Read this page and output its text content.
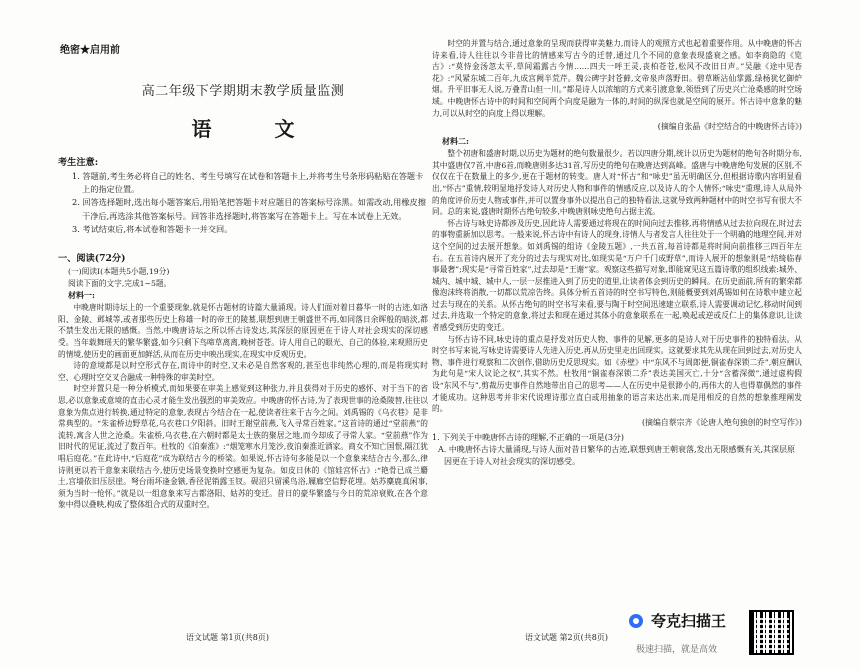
绝密★启用前
高二年级下学期期末教学质量监测
语 文
考生注意:

1. 答题前,考生务必将自己的姓名、考生号填写在试卷和答题卡上,并将考生号条形码粘贴在答题卡上的指定位置。

2. 回答选择题时,选出每小题答案后,用铅笔把答题卡对应题目的答案标号涂黑。如需改动,用橡皮擦干净后,再选涂其他答案标号。回答非选择题时,将答案写在答题卡上。写在本试卷上无效。

3. 考试结束后,将本试卷和答题卡一并交回。

一、阅读(72分)

(一)阅读Ⅰ(本题共5小题,19分)

阅读下面的文字,完成1~5题。

材料一:

中晚唐时期诗坛上的一个重要现象,就是怀古题材的诗篇大量涌现。诗人们面对着日暮华一时的古迹,如洛阳、金陵、邺城等,或者那些历史上称雄一时的帝王的陵墓,联想到唐王朝盛世不再,如同落日余晖般的暗淡,都不禁生发出无限的感慨。当然,中晚唐诗坛之所以怀古诗发达,其深层的原因更在于诗人对社会现实的深切感受。当年载舞瑶天的繁华繁盛,如今只剩下鸟啼草离离,晚树苍苍。诗人用自己的眼光、自己的体验,来观照历史的情境,使历史的画面更加鲜活,从而在历史中映出现实,在现实中反观历史。

诗的意境都是以时空形式存在,而诗中的时空,又未必是自然客观的,甚至也非纯然心理的,而是将现实时空、心理时空交叉合融成一种特殊的审美时空。

时空并置只是一种分析模式,而如果要在审美上感觉到这种张力,并且获得对于历史的感怀、对于当下的省思,必以意象或意境的直击心灵才能生发出强烈的审美效应。中晚唐的怀古诗,为了表现世事的沧桑陵替,往往以意象为焦点进行转换,通过特定的意象,表现古今结合在一起,使读者往来于古今之间。刘禹锡的《乌衣巷》是非常典型的。“朱雀桥边野草花,乌衣巷口夕阳斜。旧时王谢堂前燕,飞入寻常百姓家。”这首诗的通过“堂前燕”的流转,寓含人世之沧桑。朱雀桥,乌衣巷,在六朝时都是太士族的聚居之地,而今却成了寻常人家。“堂前燕”作为旧时代的见证,流过了数百年。杜牧的《泊秦淮》:“烟笼寒水月笼沙,夜泊秦淮近酒家。商女不知亡国恨,隔江犹唱后庭花。”在此诗中,“后庭花”成为联结古今的桥梁。如果说,怀古诗句多能是以一个意象来结合古今,那么,律诗则更以若干意象来联结古今,使历史场景变换时空感更为复杂。如皮日休的《馆娃宫怀古》:“艳骨已成兰麝土,宫墙依旧压层崖。弩台雨坏逢金镞,香径泥销露玉钗。砚沼只留溪鸟浴,屧廊空信野花埋。姑苏麋鹿真闲事,须为当时一怆怀。”就是以一组意象来写古都洛阳、姑苏的变迁。昔日的豪华繁盛与今日的荒凉衰败,在各个意象中得以叠映,构成了整体组合式的双重时空。

语文试题 第1页(共8页)

时空的并置与结合,通过意象的呈现而获得审美魅力,而诗人的观照方式也起着重要作用。从中晚唐的怀古诗来看,诗人往往以今非昔比的情感来写古今的迁替,通过几个不同的意象表现盛衰之感。如李商隐的《览古》:“莫恃金汤忽太平,草间霜露古今情……四夫一呼王灵,丧柏苍苍,松风不改旧日声。”吴融《途中见杏花》:“风紧东城二百年,九成宫阙半荒芹。魏公碑字封苍藓,文帝泉声落野田。碧草断沾仙掌露,绿杨犹忆御炉烟。升平旧事无人说,万叠青山但一川。”都是诗人以浓缩的方式来引渡意象,领悟到了历史兴亡沧桑感的时空场域。中晚唐怀古诗中的时间和空间两个向度是融为一体的,时间的纵深也就是空间的展开。怀古诗中意象的魅力,可以从时空的向度上得以理解。

(摘编自张晶《时空结合的中晚唐怀古诗》)
材料二:

整个初唐和盛唐时期,以历史为题材的绝句数量很少。若以四唐分期,统计以历史为题材的绝句各时期分布,其中盛唐仅7首,中唐6首,而晚唐则多达31首,写历史的绝句在晚唐达到高峰。盛唐与中晚唐绝句发展的区别,不仅仅在于在数量上的多少,更在于题材的转变。唐人对“怀古”和“咏史”虽无明确区分,但根据诗歌内容明显看出,“怀古”重情,较明显地抒发诗人对历史人物和事件的情感反应,以及诗人的个人情怀;“咏史”重理,诗人从局外的角度评价历史人物或事件,并可以置身事外以提出自己的独特看法,这就导致两种题材中的时空书写有很大不同。总的来说,盛唐时期怀古绝句较多,中晚唐则咏史绝句占据主流。

怀古诗与咏史诗都涉及历史,因此诗人需要通过将现在的时间向过去推移,再将情感从过去拉向现在,时过去的事物重新加以思考。一般来说,怀古诗中有诗人的现身,诗情人与者发言人往往处于一个明确的地理空间,并对这个空间的过去展开想象。如刘禹锡的组诗《金陵五题》,一共五首,每首诗都是将时间向前推移三四百年左右。在五首诗内展开了充分的过去与现实对比,如现实是“万户千门成野草”,而诗人展开的想象则是“结绮临春事最奢”;现实是“寻常百姓家”,过去却是“王谢”家。观察这些描写对象,即能窥见这五篇诗歌的组织线索:城外、城内、城中城、城中人,一层一层推进入到了历史的道里,让读者体会到历史的瞬间。在历史面前,所有的繁荣都像泡沫终将消散,一切都以荒凉告终。具体分析五首诗的时空书写特色,则能概要到刘禹锡如何在诗歌中建立起过去与现在的关系。从怀古绝句的时空书写来看,要与陶于时空间迅速建立联系,诗人需要调动记忆,移动时间到过去,并选取一个特定的意象,将过去和现在通过其体小的意象联系在一起,唤起或逆或反仁上的集体意识,让读者感受到历史的变迁。

与怀古诗不同,咏史诗的重点是抒发对历史人物、事件的见解,更多的是诗人对于历史事件的独特看法。从时空书写来说,写咏史诗需要诗人先进入历史,再从历史里走出回现实。这就要求其先从现在回到过去,对历史人物、事件进行观察和二次创作,借助历史反思现实。如《赤壁》中“东风不与周郎便,铜雀春深锁二乔”,朝应酬认为此句是“宋人议论之权”,其实不然。杜牧用“铜雀春深锁二乔”表达美国灭亡,十分“含蓄深微”,通过虚构假设“东风不与”,剪裁历史事件自然地带出自己的思考——人在历史中是很渺小的,再伟大的人也得靠偶然的事件才能成功。这种思考并非宋代说理诗那立直白或用抽象的语言来达出来,而是用相反的自然的想象推理阐发的。

(摘编自蔡宗齐《论唐人绝句独创的时空写作》)

1. 下列关于中晚唐怀古诗的理解,不正确的一项是(3分)

A. 中晚唐怀古诗大量涌现,与诗人面对昔日繁华的古迹,联想到唐王朝衰落,发出无限感慨有关,其深层原因更在于诗人对社会现实的深切感受。

语文试题 第2页(共8页)
夸克扫描王
极速扫描，就是高效
